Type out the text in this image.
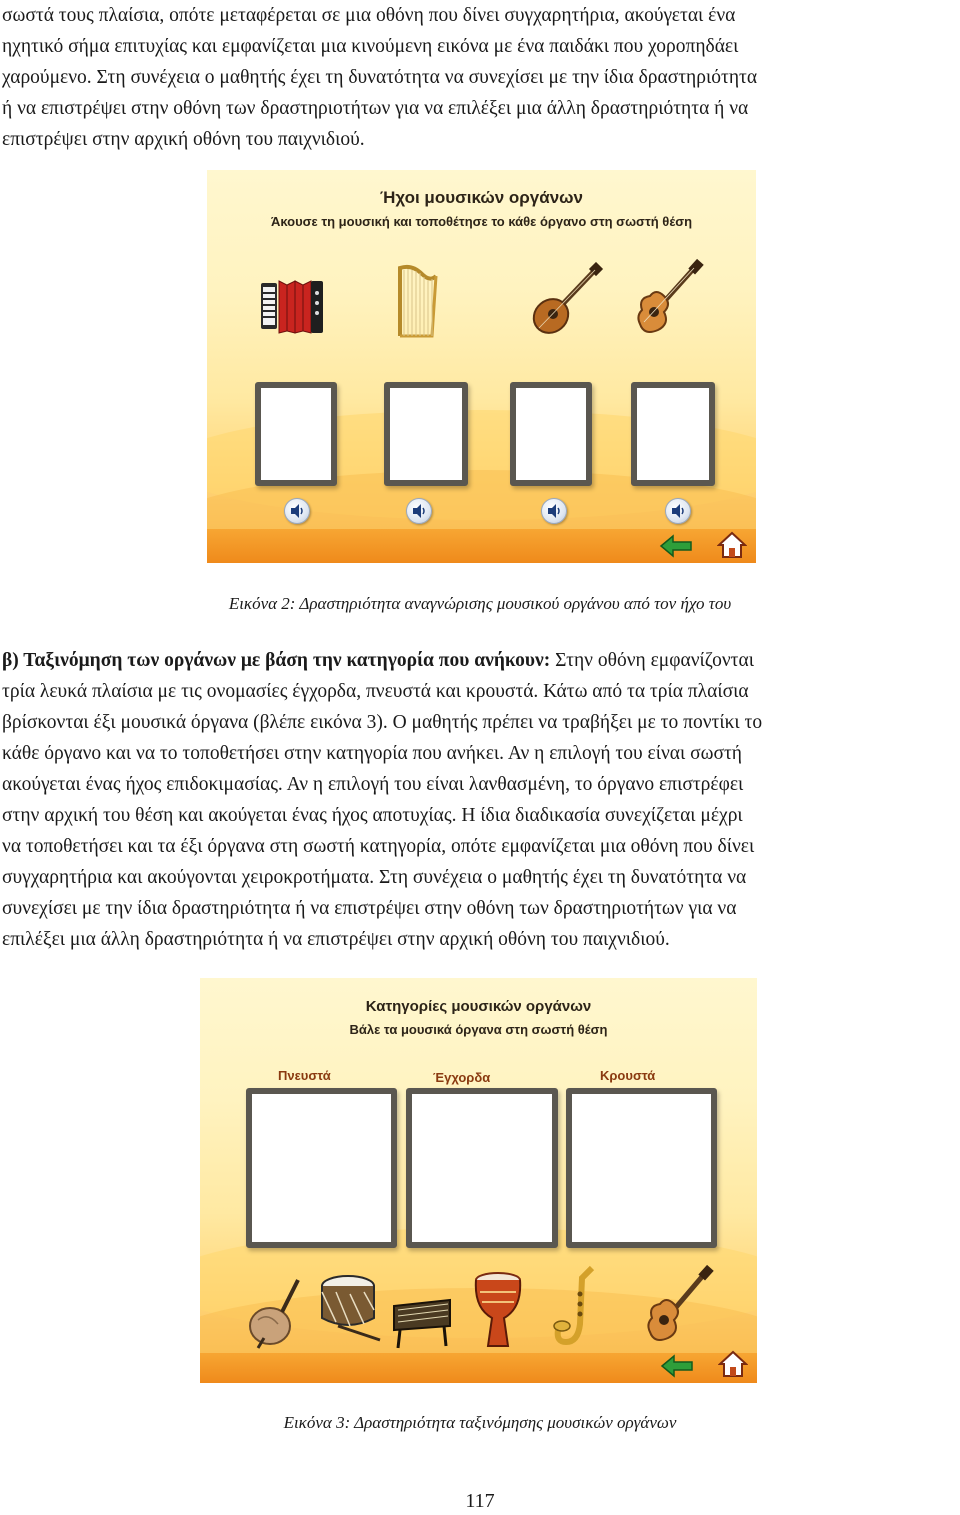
σωστά τους πλαίσια, οπότε μεταφέρεται σε μια οθόνη που δίνει συγχαρητήρια, ακούγεται ένα
ηχητικό σήμα επιτυχίας και εμφανίζεται μια κινούμενη εικόνα με ένα παιδάκι που χοροπηδάει
χαρούμενο. Στη συνέχεια ο μαθητής έχει τη δυνατότητα να συνεχίσει με την ίδια δραστηριότητα
ή να επιστρέψει στην οθόνη των δραστηριοτήτων για να επιλέξει μια άλλη δραστηριότητα ή να
επιστρέψει στην αρχική οθόνη του παιχνιδιού.
Ήχοι μουσικών οργάνων
Άκουσε τη μουσική και τοποθέτησε το κάθε όργανο στη σωστή θέση
Εικόνα 2: Δραστηριότητα αναγνώρισης μουσικού οργάνου από τον ήχο του
β) Ταξινόμηση των οργάνων με βάση την κατηγορία που ανήκουν: Στην οθόνη εμφανίζονται
τρία λευκά πλαίσια με τις ονομασίες έγχορδα, πνευστά και κρουστά. Κάτω από τα τρία πλαίσια
βρίσκονται έξι μουσικά όργανα (βλέπε εικόνα 3). Ο μαθητής πρέπει να τραβήξει με το ποντίκι το
κάθε όργανο και να το τοποθετήσει στην κατηγορία που ανήκει. Αν η επιλογή του είναι σωστή
ακούγεται ένας ήχος επιδοκιμασίας. Αν η επιλογή του είναι λανθασμένη, το όργανο επιστρέφει
στην αρχική του θέση και ακούγεται ένας ήχος αποτυχίας. Η ίδια διαδικασία συνεχίζεται μέχρι
να τοποθετήσει και τα έξι όργανα στη σωστή κατηγορία, οπότε εμφανίζεται μια οθόνη που δίνει
συγχαρητήρια και ακούγονται χειροκροτήματα. Στη συνέχεια ο μαθητής έχει τη δυνατότητα να
συνεχίσει με την ίδια δραστηριότητα ή να επιστρέψει στην οθόνη των δραστηριοτήτων για να
επιλέξει μια άλλη δραστηριότητα ή να επιστρέψει στην αρχική οθόνη του παιχνιδιού.
Κατηγορίες μουσικών οργάνων
Βάλε τα μουσικά όργανα στη σωστή θέση
Πνευστά	Έγχορδα	Κρουστά
Εικόνα 3: Δραστηριότητα ταξινόμησης μουσικών οργάνων
117
